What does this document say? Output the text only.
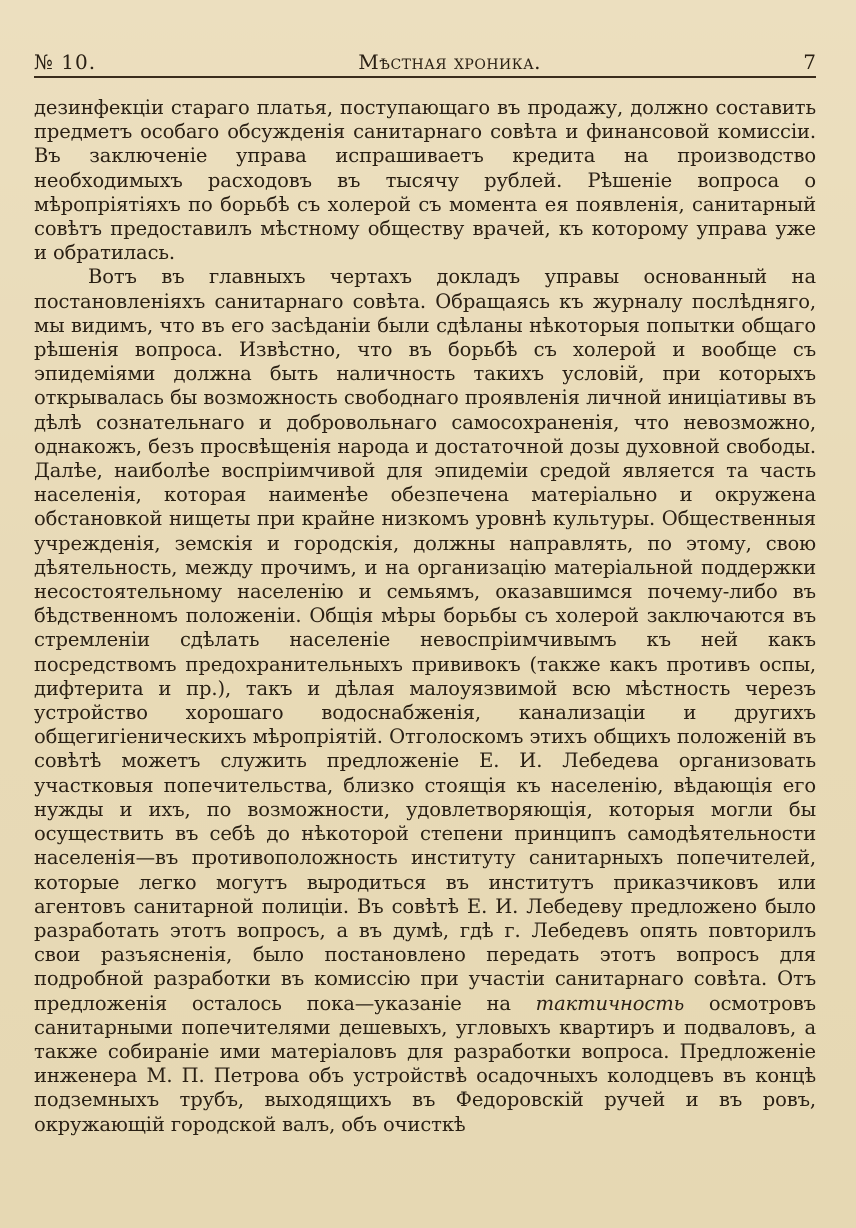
№ 10.	Мѣстная хроника.	7

дезинфекціи стараго платья, поступающаго въ продажу, должно составить предметъ особаго обсужденія санитарнаго совѣта и финансовой комиссіи. Въ заключеніе управа испрашиваетъ кредита на производство необходимыхъ расходовъ въ тысячу рублей. Рѣшеніе вопроса о мѣропріятіяхъ по борьбѣ съ холерой съ момента ея появленія, санитарный совѣтъ предоставилъ мѣстному обществу врачей, къ которому управа уже и обратилась.

Вотъ въ главныхъ чертахъ докладъ управы основанный на постановленіяхъ санитарнаго совѣта. Обращаясь къ журналу послѣдняго, мы видимъ, что въ его засѣданіи были сдѣланы нѣкоторыя попытки общаго рѣшенія вопроса. Извѣстно, что въ борьбѣ съ холерой и вообще съ эпидеміями должна быть наличность такихъ условій, при которыхъ открывалась бы возможность свободнаго проявленія личной иниціативы въ дѣлѣ сознательнаго и добровольнаго самосохраненія, что невозможно, однакожъ, безъ просвѣщенія народа и достаточной дозы духовной свободы. Далѣе, наиболѣе воспріимчивой для эпидеміи средой является та часть населенія, которая наименѣе обезпечена матеріально и окружена обстановкой нищеты при крайне низкомъ уровнѣ культуры. Общественныя учрежденія, земскія и городскія, должны направлять, по этому, свою дѣятельность, между прочимъ, и на организацію матеріальной поддержки несостоятельному населенію и семьямъ, оказавшимся почему-либо въ бѣдственномъ положеніи. Общія мѣры борьбы съ холерой заключаются въ стремленіи сдѣлать населеніе невоспріимчивымъ къ ней какъ посредствомъ предохранительныхъ прививокъ (также какъ противъ оспы, дифтерита и пр.), такъ и дѣлая малоуязвимой всю мѣстность черезъ устройство хорошаго водоснабженія, канализаціи и другихъ общегигіеническихъ мѣропріятій. Отголоскомъ этихъ общихъ положеній въ совѣтѣ можетъ служить предложеніе Е. И. Лебедева организовать участковыя попечительства, близко стоящія къ населенію, вѣдающія его нужды и ихъ, по возможности, удовлетворяющія, которыя могли бы осуществить въ себѣ до нѣкоторой степени принципъ самодѣятельности населенія—въ противоположность институту санитарныхъ попечителей, которые легко могутъ выродиться въ институтъ приказчиковъ или агентовъ санитарной полиціи. Въ совѣтѣ Е. И. Лебедеву предложено было разработать этотъ вопросъ, а въ думѣ, гдѣ г. Лебедевъ опять повторилъ свои разъясненія, было постановлено передать этотъ вопросъ для подробной разработки въ комиссію при участіи санитарнаго совѣта. Отъ предложенія осталось пока—указаніе на тактичность осмотровъ санитарными попечителями дешевыхъ, угловыхъ квартиръ и подваловъ, а также собираніе ими матеріаловъ для разработки вопроса. Предложеніе инженера М. П. Петрова объ устройствѣ осадочныхъ колодцевъ въ концѣ подземныхъ трубъ, выходящихъ въ Федоровскій ручей и въ ровъ, окружающій городской валъ, объ очисткѣ
